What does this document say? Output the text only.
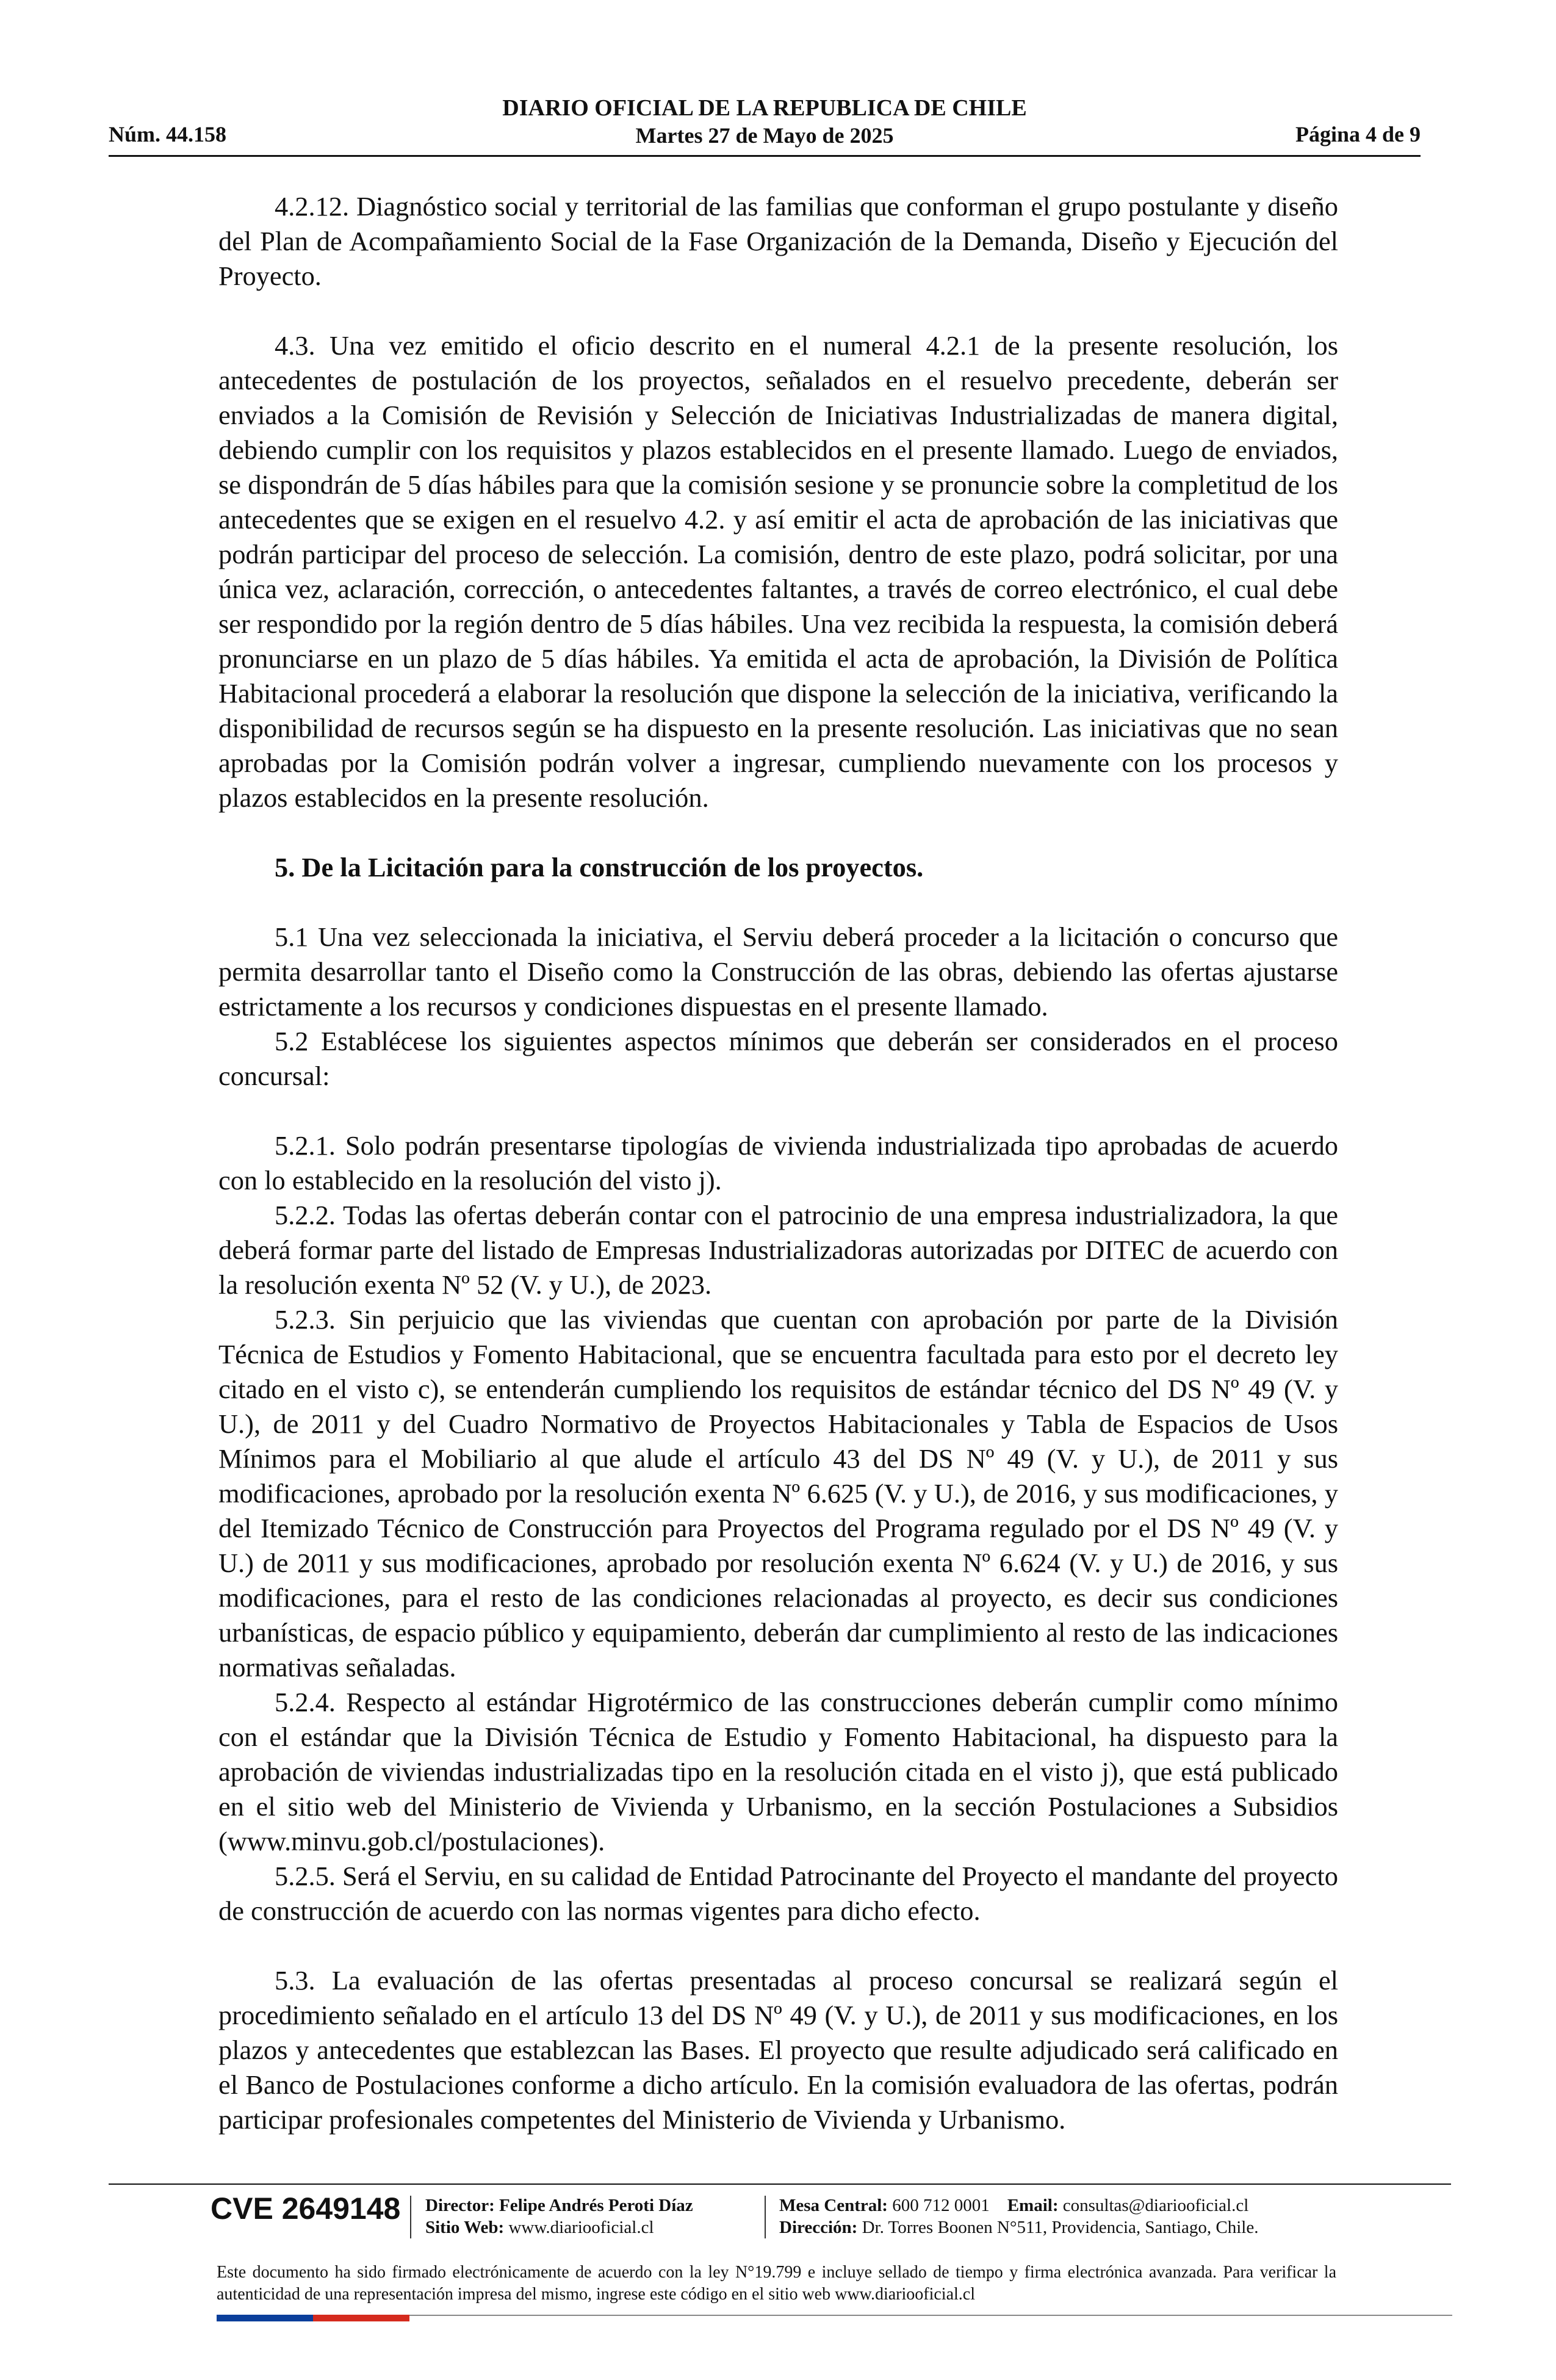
DIARIO OFICIAL DE LA REPUBLICA DE CHILE
Núm. 44.158	Martes 27 de Mayo de 2025	Página 4 de 9

4.2.12. Diagnóstico social y territorial de las familias que conforman el grupo postulante y diseño del Plan de Acompañamiento Social de la Fase Organización de la Demanda, Diseño y Ejecución del Proyecto.

4.3. Una vez emitido el oficio descrito en el numeral 4.2.1 de la presente resolución, los antecedentes de postulación de los proyectos, señalados en el resuelvo precedente, deberán ser enviados a la Comisión de Revisión y Selección de Iniciativas Industrializadas de manera digital, debiendo cumplir con los requisitos y plazos establecidos en el presente llamado. Luego de enviados, se dispondrán de 5 días hábiles para que la comisión sesione y se pronuncie sobre la completitud de los antecedentes que se exigen en el resuelvo 4.2. y así emitir el acta de aprobación de las iniciativas que podrán participar del proceso de selección. La comisión, dentro de este plazo, podrá solicitar, por una única vez, aclaración, corrección, o antecedentes faltantes, a través de correo electrónico, el cual debe ser respondido por la región dentro de 5 días hábiles. Una vez recibida la respuesta, la comisión deberá pronunciarse en un plazo de 5 días hábiles. Ya emitida el acta de aprobación, la División de Política Habitacional procederá a elaborar la resolución que dispone la selección de la iniciativa, verificando la disponibilidad de recursos según se ha dispuesto en la presente resolución. Las iniciativas que no sean aprobadas por la Comisión podrán volver a ingresar, cumpliendo nuevamente con los procesos y plazos establecidos en la presente resolución.

5. De la Licitación para la construcción de los proyectos.

5.1 Una vez seleccionada la iniciativa, el Serviu deberá proceder a la licitación o concurso que permita desarrollar tanto el Diseño como la Construcción de las obras, debiendo las ofertas ajustarse estrictamente a los recursos y condiciones dispuestas en el presente llamado.

5.2 Establécese los siguientes aspectos mínimos que deberán ser considerados en el proceso concursal:

5.2.1. Solo podrán presentarse tipologías de vivienda industrializada tipo aprobadas de acuerdo con lo establecido en la resolución del visto j).

5.2.2. Todas las ofertas deberán contar con el patrocinio de una empresa industrializadora, la que deberá formar parte del listado de Empresas Industrializadoras autorizadas por DITEC de acuerdo con la resolución exenta Nº 52 (V. y U.), de 2023.

5.2.3. Sin perjuicio que las viviendas que cuentan con aprobación por parte de la División Técnica de Estudios y Fomento Habitacional, que se encuentra facultada para esto por el decreto ley citado en el visto c), se entenderán cumpliendo los requisitos de estándar técnico del DS Nº 49 (V. y U.), de 2011 y del Cuadro Normativo de Proyectos Habitacionales y Tabla de Espacios de Usos Mínimos para el Mobiliario al que alude el artículo 43 del DS Nº 49 (V. y U.), de 2011 y sus modificaciones, aprobado por la resolución exenta Nº 6.625 (V. y U.), de 2016, y sus modificaciones, y del Itemizado Técnico de Construcción para Proyectos del Programa regulado por el DS Nº 49 (V. y U.) de 2011 y sus modificaciones, aprobado por resolución exenta Nº 6.624 (V. y U.) de 2016, y sus modificaciones, para el resto de las condiciones relacionadas al proyecto, es decir sus condiciones urbanísticas, de espacio público y equipamiento, deberán dar cumplimiento al resto de las indicaciones normativas señaladas.

5.2.4. Respecto al estándar Higrotérmico de las construcciones deberán cumplir como mínimo con el estándar que la División Técnica de Estudio y Fomento Habitacional, ha dispuesto para la aprobación de viviendas industrializadas tipo en la resolución citada en el visto j), que está publicado en el sitio web del Ministerio de Vivienda y Urbanismo, en la sección Postulaciones a Subsidios (www.minvu.gob.cl/postulaciones).

5.2.5. Será el Serviu, en su calidad de Entidad Patrocinante del Proyecto el mandante del proyecto de construcción de acuerdo con las normas vigentes para dicho efecto.

5.3. La evaluación de las ofertas presentadas al proceso concursal se realizará según el procedimiento señalado en el artículo 13 del DS Nº 49 (V. y U.), de 2011 y sus modificaciones, en los plazos y antecedentes que establezcan las Bases. El proyecto que resulte adjudicado será calificado en el Banco de Postulaciones conforme a dicho artículo. En la comisión evaluadora de las ofertas, podrán participar profesionales competentes del Ministerio de Vivienda y Urbanismo.

CVE 2649148 Director: Felipe Andrés Peroti Díaz
Sitio Web: www.diariooficial.cl
Mesa Central: 600 712 0001 Email: consultas@diariooficial.cl
Dirección: Dr. Torres Boonen N°511, Providencia, Santiago, Chile.
Este documento ha sido firmado electrónicamente de acuerdo con la ley N°19.799 e incluye sellado de tiempo y firma electrónica avanzada. Para verificar la autenticidad de una representación impresa del mismo, ingrese este código en el sitio web www.diariooficial.cl
